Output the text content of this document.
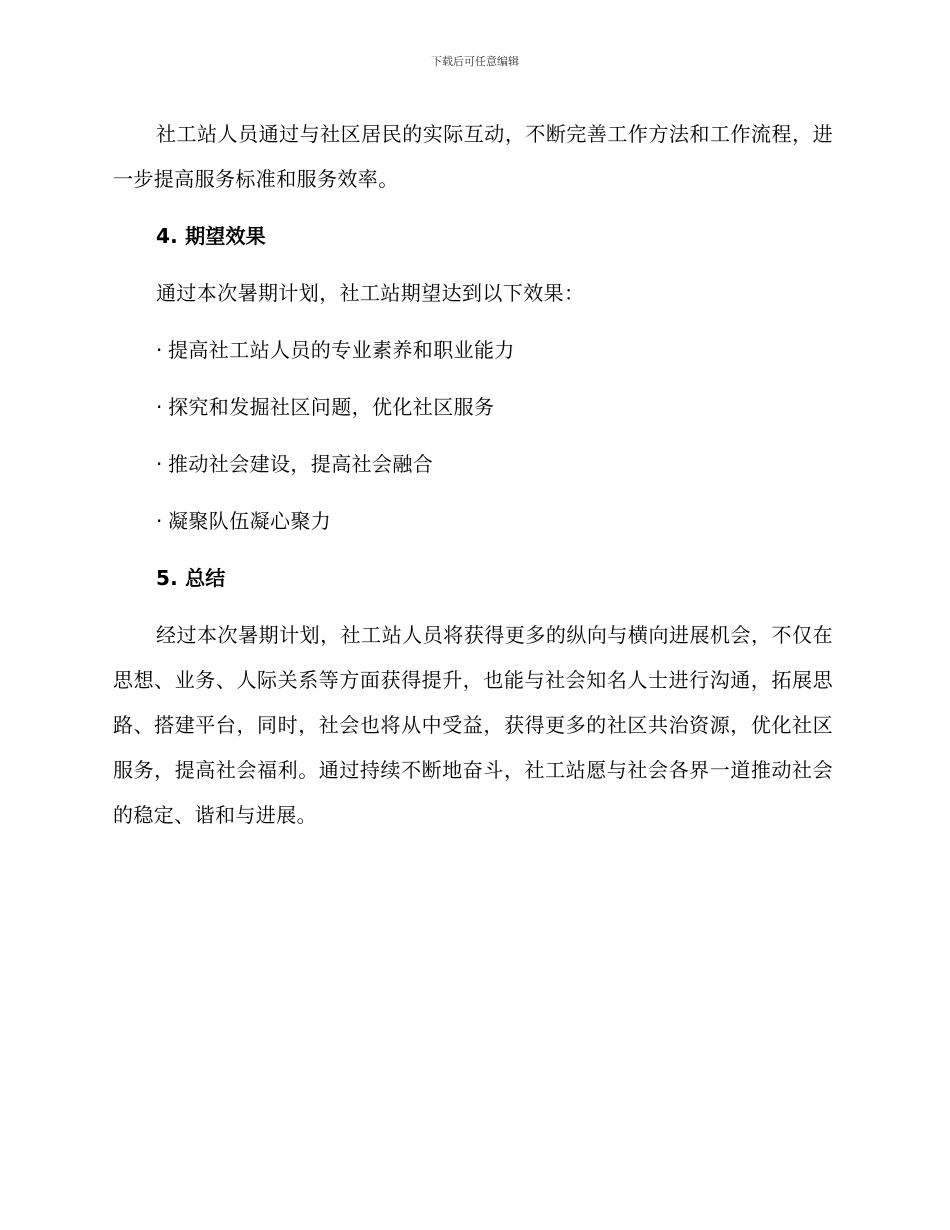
下载后可任意编辑

社工站人员通过与社区居民的实际互动，不断完善工作方法和工作流程，进一步提高服务标准和服务效率。

4. 期望效果

通过本次暑期计划，社工站期望达到以下效果：

· 提高社工站人员的专业素养和职业能力

· 探究和发掘社区问题，优化社区服务

· 推动社会建设，提高社会融合

· 凝聚队伍凝心聚力

5. 总结

经过本次暑期计划，社工站人员将获得更多的纵向与横向进展机会，不仅在思想、业务、人际关系等方面获得提升，也能与社会知名人士进行沟通，拓展思路、搭建平台，同时，社会也将从中受益，获得更多的社区共治资源，优化社区服务，提高社会福利。通过持续不断地奋斗，社工站愿与社会各界一道推动社会的稳定、谐和与进展。
